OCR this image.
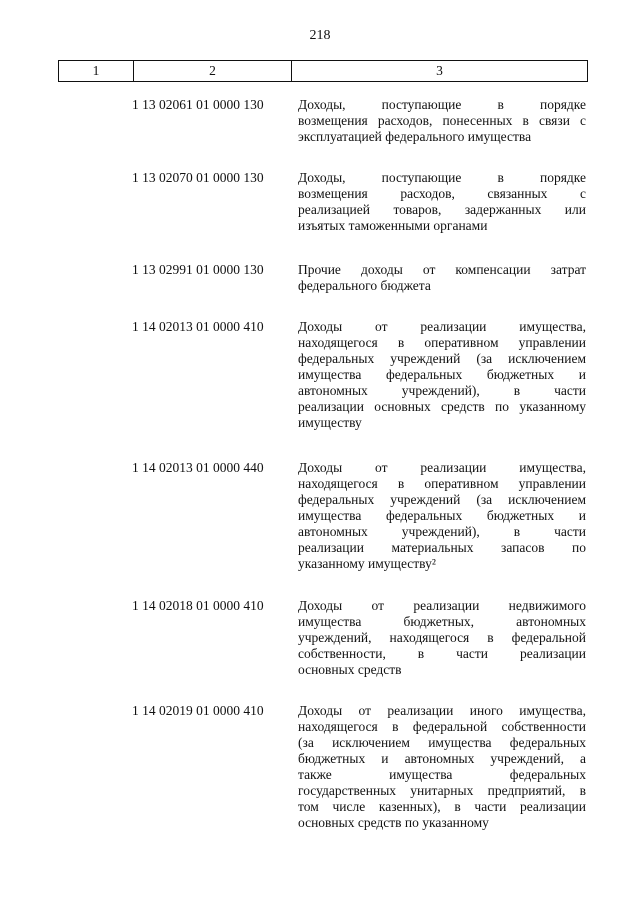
218
1	2	3
1 13 02061 01 0000 130	Доходы, поступающие в порядке
возмещения расходов, понесенных в связи с
эксплуатацией федерального имущества
1 13 02070 01 0000 130	Доходы, поступающие в порядке
возмещения расходов, связанных с
реализацией товаров, задержанных или
изъятых таможенными органами
1 13 02991 01 0000 130	Прочие доходы от компенсации затрат
федерального бюджета
1 14 02013 01 0000 410	Доходы от реализации имущества,
находящегося в оперативном управлении
федеральных учреждений (за исключением
имущества федеральных бюджетных и
автономных учреждений), в части
реализации основных средств по указанному
имуществу
1 14 02013 01 0000 440	Доходы от реализации имущества,
находящегося в оперативном управлении
федеральных учреждений (за исключением
имущества федеральных бюджетных и
автономных учреждений), в части
реализации материальных запасов по
указанному имуществу²
1 14 02018 01 0000 410	Доходы от реализации недвижимого
имущества бюджетных, автономных
учреждений, находящегося в федеральной
собственности, в части реализации
основных средств
1 14 02019 01 0000 410	Доходы от реализации иного имущества,
находящегося в федеральной собственности
(за исключением имущества федеральных
бюджетных и автономных учреждений, а
также имущества федеральных
государственных унитарных предприятий, в
том числе казенных), в части реализации
основных средств по указанному
